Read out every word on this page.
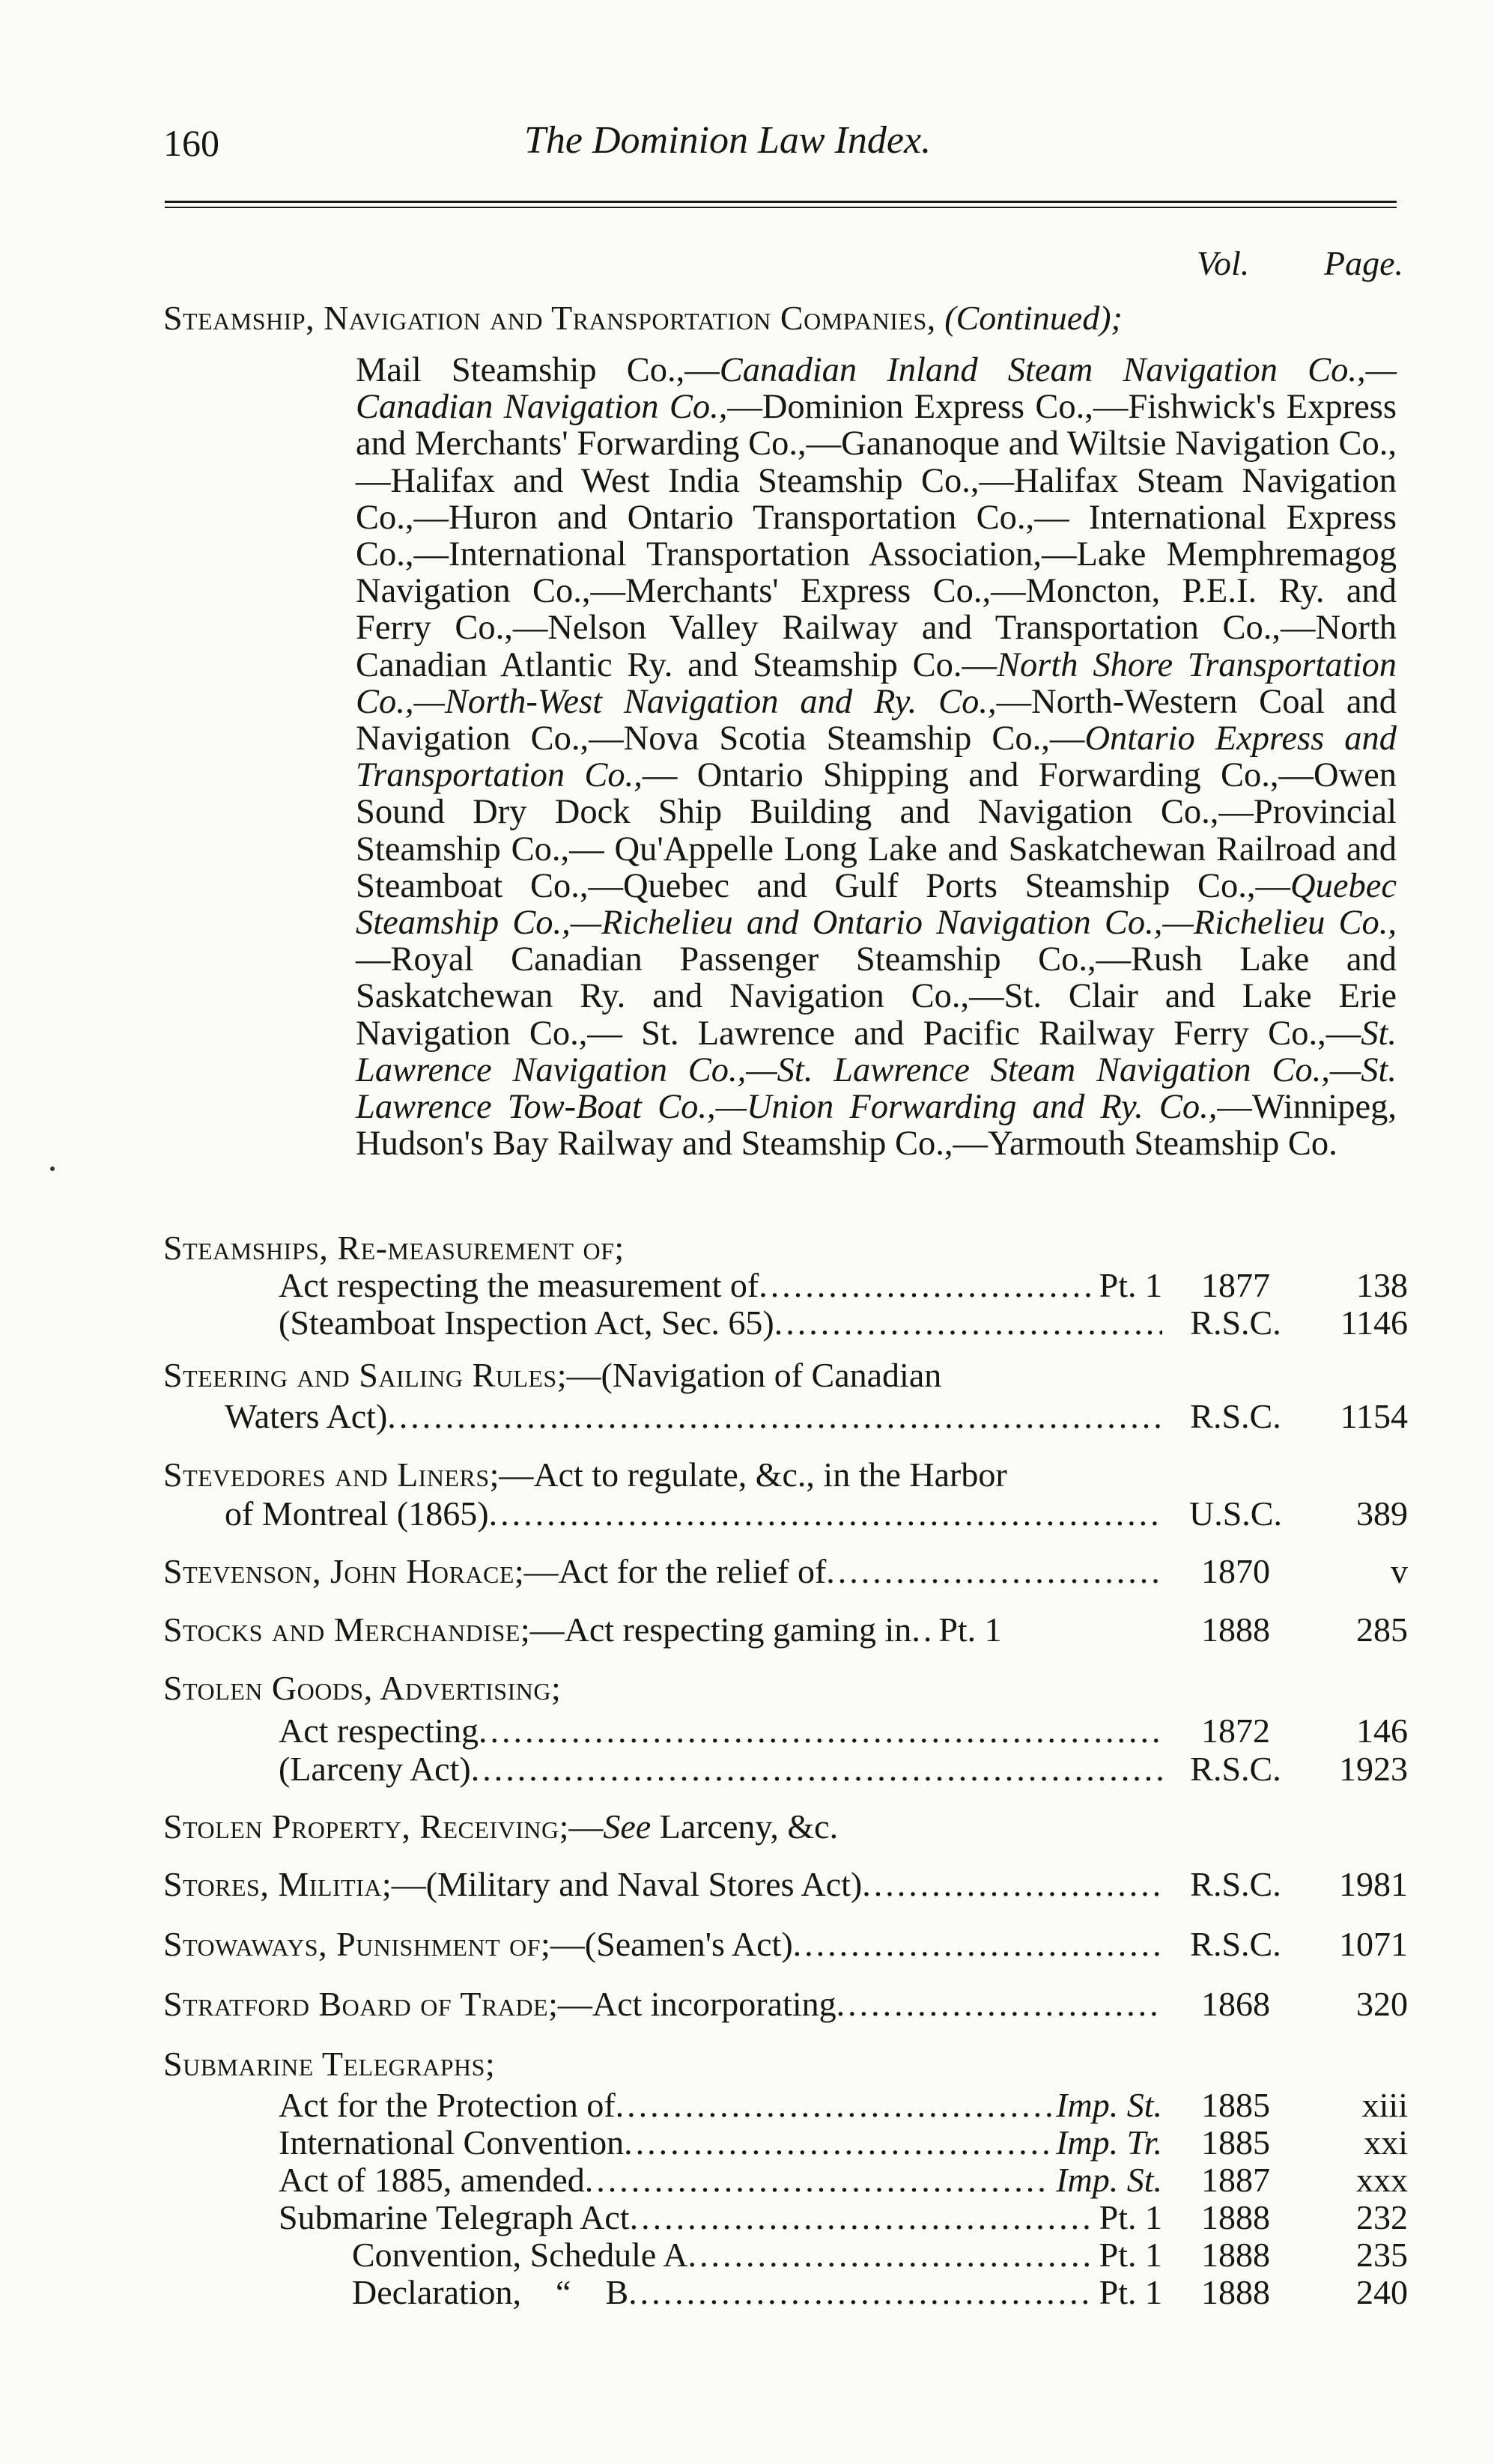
160	The Dominion Law Index.
Vol. Page.
Steamship, Navigation and Transportation Companies, (Continued);
Mail Steamship Co.,—Canadian Inland Steam Navigation Co.,— Canadian Navigation Co.,—Dominion Express Co.,—Fishwick's Express and Merchants' Forwarding Co.,—Gananoque and Wiltsie Navigation Co.,—Halifax and West India Steamship Co.,—Halifax Steam Navigation Co.,—Huron and Ontario Transportation Co.,— International Express Co.,—International Transportation Association,—Lake Memphremagog Navigation Co.,—Merchants' Express Co.,—Moncton, P.E.I. Ry. and Ferry Co.,—Nelson Valley Railway and Transportation Co.,—North Canadian Atlantic Ry. and Steamship Co.—North Shore Transportation Co.,—North-West Navigation and Ry. Co.,—North-Western Coal and Navigation Co.,—Nova Scotia Steamship Co.,—Ontario Express and Transportation Co.,— Ontario Shipping and Forwarding Co.,—Owen Sound Dry Dock Ship Building and Navigation Co.,—Provincial Steamship Co.,— Qu'Appelle Long Lake and Saskatchewan Railroad and Steamboat Co.,—Quebec and Gulf Ports Steamship Co.,—Quebec Steamship Co.,—Richelieu and Ontario Navigation Co.,—Richelieu Co.,—Royal Canadian Passenger Steamship Co.,—Rush Lake and Saskatchewan Ry. and Navigation Co.,—St. Clair and Lake Erie Navigation Co.,— St. Lawrence and Pacific Railway Ferry Co.,—St. Lawrence Navigation Co.,—St. Lawrence Steam Navigation Co.,—St. Lawrence Tow-Boat Co.,—Union Forwarding and Ry. Co.,—Winnipeg, Hudson's Bay Railway and Steamship Co.,—Yarmouth Steamship Co.
Steamships, Re-measurement of;
Act respecting the measurement of .....	Pt. 1	1877	138
(Steamboat Inspection Act, Sec. 65) .....	R.S.C.	1146
Steering and Sailing Rules;—(Navigation of Canadian
Waters Act) .....	R.S.C.	1154
Stevedores and Liners;—Act to regulate, &c., in the Harbor
of Montreal (1865) .....	U.S.C.	389
Stevenson, John Horace;—Act for the relief of .....	1870	v
Stocks and Merchandise;—Act respecting gaming in ..... Pt. 1	1888	285
Stolen Goods, Advertising;
Act respecting .....	1872	146
(Larceny Act) .....	R.S.C.	1923
Stolen Property, Receiving;—See Larceny, &c.
Stores, Militia;—(Military and Naval Stores Act) .....	R.S.C.	1981
Stowaways, Punishment of;—(Seamen's Act) .....	R.S.C.	1071
Stratford Board of Trade;—Act incorporating .....	1868	320
Submarine Telegraphs;
Act for the Protection of .....	Imp. St.	1885	xiii
International Convention .....	Imp. Tr.	1885	xxi
Act of 1885, amended .....	Imp. St.	1887	xxx
Submarine Telegraph Act .....	Pt. 1	1888	232
Convention, Schedule A .....	Pt. 1	1888	235
Declaration,    “    B .....	Pt. 1	1888	240
